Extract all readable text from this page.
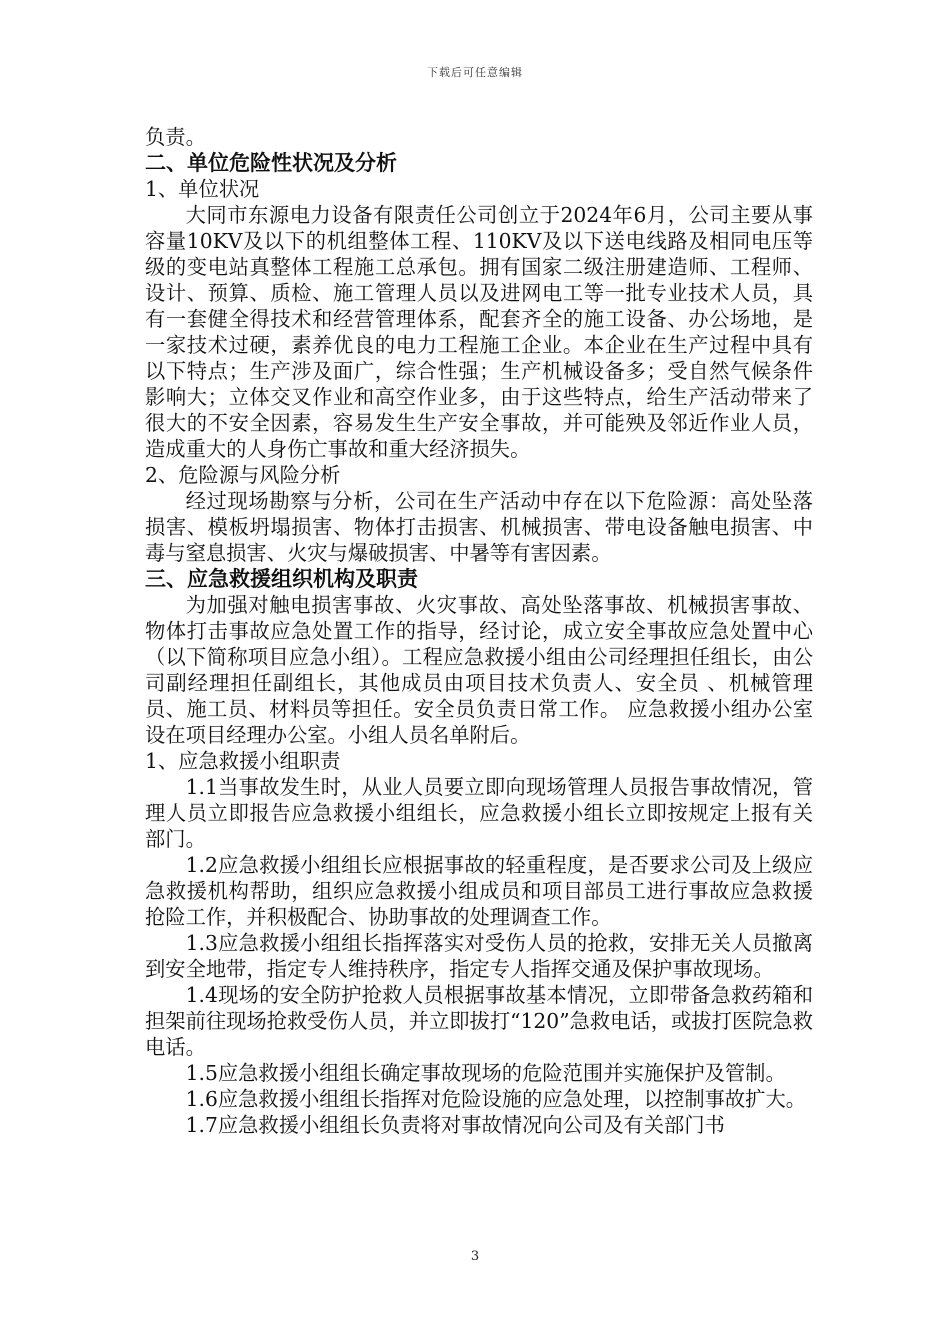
下载后可任意编辑

负责。

二、单位危险性状况及分析

1、单位状况

大同市东源电力设备有限责任公司创立于2024年6月，公司主要从事容量10KV及以下的机组整体工程、110KV及以下送电线路及相同电压等级的变电站真整体工程施工总承包。拥有国家二级注册建造师、工程师、设计、预算、质检、施工管理人员以及进网电工等一批专业技术人员，具有一套健全得技术和经营管理体系，配套齐全的施工设备、办公场地，是一家技术过硬，素养优良的电力工程施工企业。本企业在生产过程中具有以下特点；生产涉及面广，综合性强；生产机械设备多；受自然气候条件影响大；立体交叉作业和高空作业多，由于这些特点，给生产活动带来了很大的不安全因素，容易发生生产安全事故，并可能殃及邻近作业人员，造成重大的人身伤亡事故和重大经济损失。

2、危险源与风险分析

经过现场勘察与分析，公司在生产活动中存在以下危险源：高处坠落损害、模板坍塌损害、物体打击损害、机械损害、带电设备触电损害、中毒与窒息损害、火灾与爆破损害、中暑等有害因素。

三、应急救援组织机构及职责

为加强对触电损害事故、火灾事故、高处坠落事故、机械损害事故、物体打击事故应急处置工作的指导，经讨论，成立安全事故应急处置中心（以下简称项目应急小组）。工程应急救援小组由公司经理担任组长，由公司副经理担任副组长，其他成员由项目技术负责人、安全员 、机械管理员、施工员、材料员等担任。安全员负责日常工作。 应急救援小组办公室设在项目经理办公室。小组人员名单附后。

1、应急救援小组职责

1.1当事故发生时，从业人员要立即向现场管理人员报告事故情况，管理人员立即报告应急救援小组组长，应急救援小组长立即按规定上报有关部门。

1.2应急救援小组组长应根据事故的轻重程度，是否要求公司及上级应急救援机构帮助，组织应急救援小组成员和项目部员工进行事故应急救援抢险工作，并积极配合、协助事故的处理调查工作。

1.3应急救援小组组长指挥落实对受伤人员的抢救，安排无关人员撤离到安全地带，指定专人维持秩序，指定专人指挥交通及保护事故现场。

1.4现场的安全防护抢救人员根据事故基本情况，立即带备急救药箱和担架前往现场抢救受伤人员，并立即拔打“120”急救电话，或拔打医院急救电话。

1.5应急救援小组组长确定事故现场的危险范围并实施保护及管制。

1.6应急救援小组组长指挥对危险设施的应急处理，以控制事故扩大。

1.7应急救援小组组长负责将对事故情况向公司及有关部门书

3
